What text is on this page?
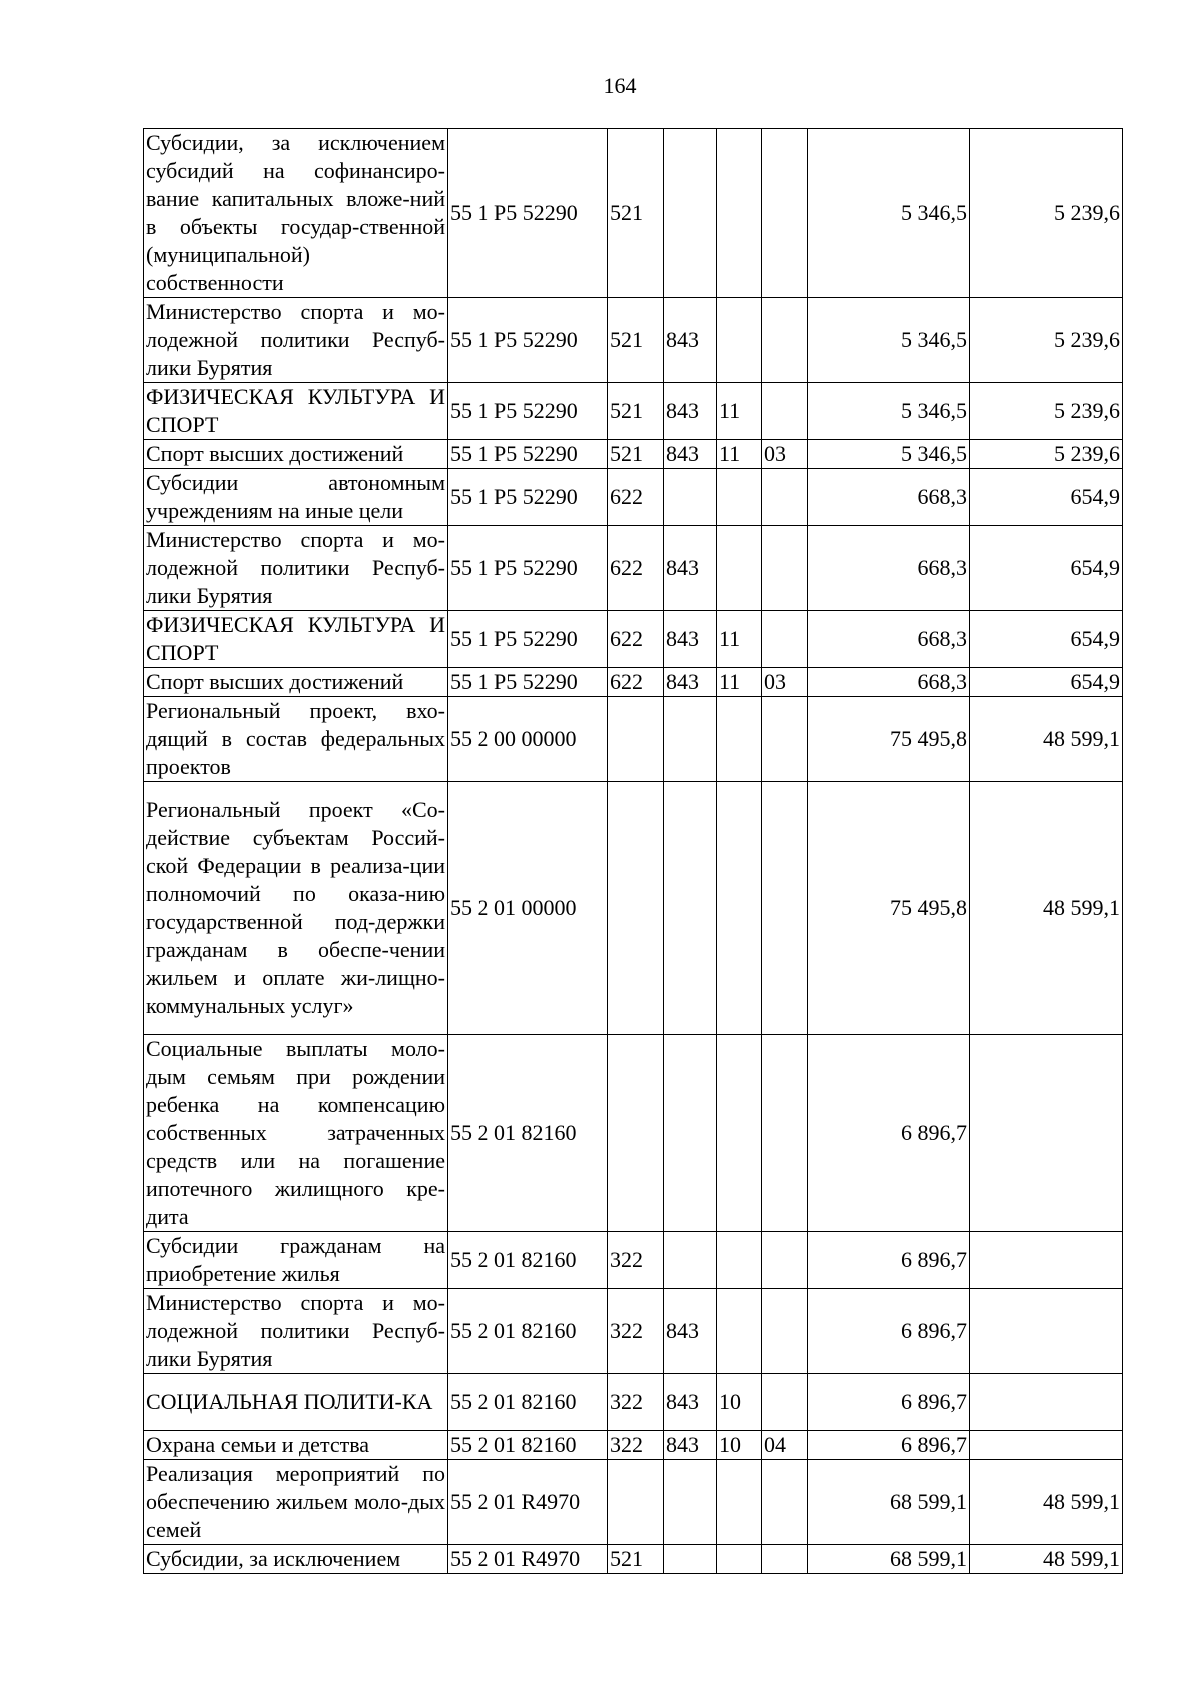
164
Субсидии, за исключением субсидий на софинансиро-вание капитальных вложе-ний в объекты государ-ственной (муниципальной) собственности	55 1 P5 52290	521				5 346,5	5 239,6
Министерство спорта и мо-лодежной политики Респуб-лики Бурятия	55 1 P5 52290	521	843			5 346,5	5 239,6
ФИЗИЧЕСКАЯ КУЛЬТУРА И СПОРТ	55 1 P5 52290	521	843	11		5 346,5	5 239,6
Спорт высших достижений	55 1 P5 52290	521	843	11	03	5 346,5	5 239,6
Субсидии автономным учреждениям на иные цели	55 1 P5 52290	622				668,3	654,9
Министерство спорта и мо-лодежной политики Респуб-лики Бурятия	55 1 P5 52290	622	843			668,3	654,9
ФИЗИЧЕСКАЯ КУЛЬТУРА И СПОРТ	55 1 P5 52290	622	843	11		668,3	654,9
Спорт высших достижений	55 1 P5 52290	622	843	11	03	668,3	654,9
Региональный проект, вхо-дящий в состав федеральных проектов	55 2 00 00000					75 495,8	48 599,1
Региональный проект «Со-действие субъектам Россий-ской Федерации в реализа-ции полномочий по оказа-нию государственной под-держки гражданам в обеспе-чении жильем и оплате жи-лищно-коммунальных услуг»	55 2 01 00000					75 495,8	48 599,1
Социальные выплаты моло-дым семьям при рождении ребенка на компенсацию собственных затраченных средств или на погашение ипотечного жилищного кре-дита	55 2 01 82160					6 896,7	
Субсидии гражданам на приобретение жилья	55 2 01 82160	322				6 896,7	
Министерство спорта и мо-лодежной политики Респуб-лики Бурятия	55 2 01 82160	322	843			6 896,7	
СОЦИАЛЬНАЯ ПОЛИТИ-КА	55 2 01 82160	322	843	10		6 896,7	
Охрана семьи и детства	55 2 01 82160	322	843	10	04	6 896,7	
Реализация мероприятий по обеспечению жильем моло-дых семей	55 2 01 R4970					68 599,1	48 599,1
Субсидии, за исключением	55 2 01 R4970	521				68 599,1	48 599,1
